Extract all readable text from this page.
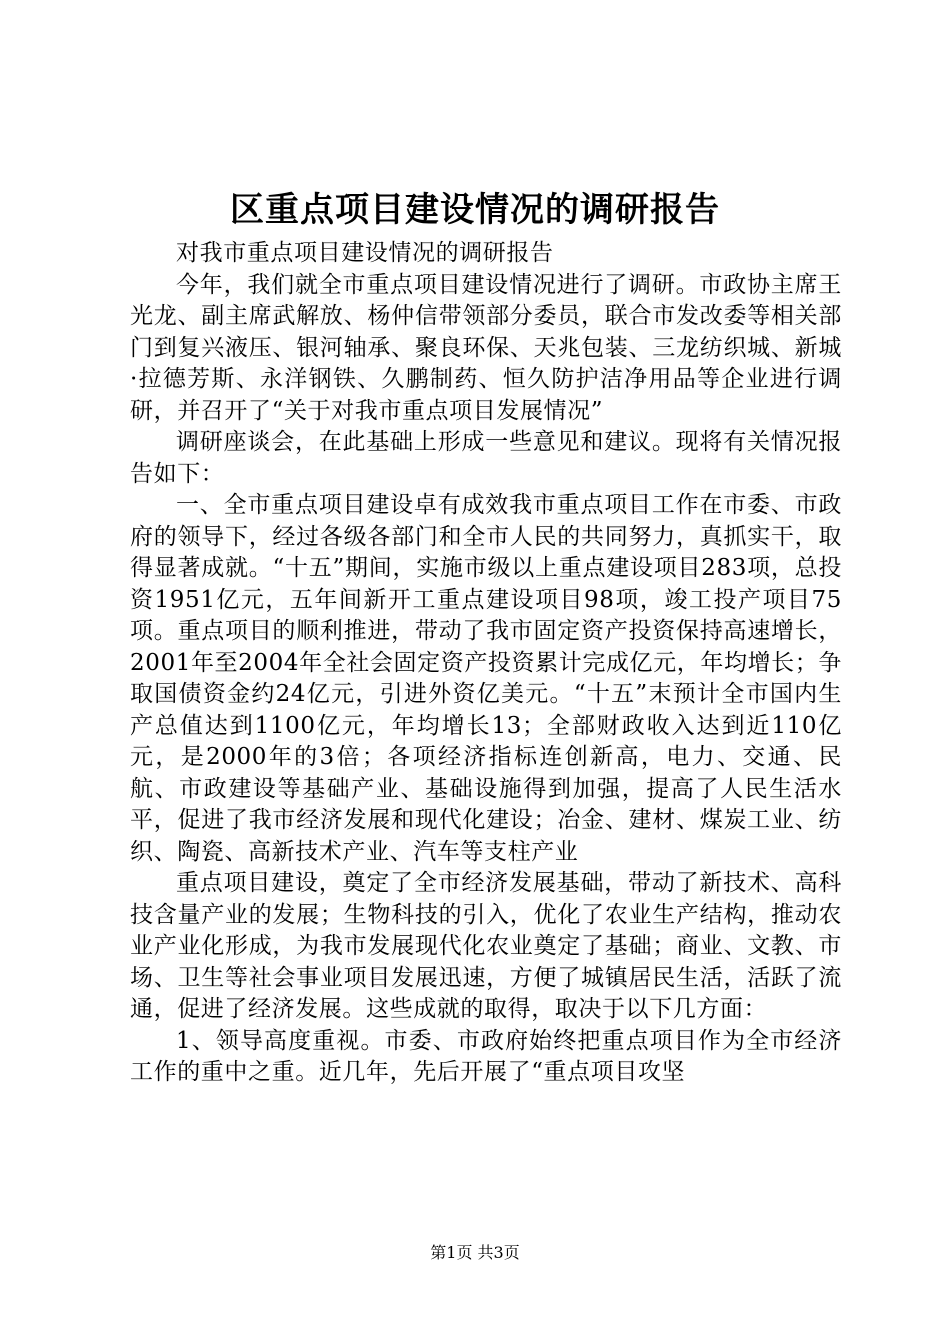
区重点项目建设情况的调研报告

对我市重点项目建设情况的调研报告

今年，我们就全市重点项目建设情况进行了调研。市政协主席王光龙、副主席武解放、杨仲信带领部分委员，联合市发改委等相关部门到复兴液压、银河轴承、聚良环保、天兆包装、三龙纺织城、新城·拉德芳斯、永洋钢铁、久鹏制药、恒久防护洁净用品等企业进行调研，并召开了“关于对我市重点项目发展情况”

调研座谈会，在此基础上形成一些意见和建议。现将有关情况报告如下：

一、全市重点项目建设卓有成效我市重点项目工作在市委、市政府的领导下，经过各级各部门和全市人民的共同努力，真抓实干，取得显著成就。“十五”期间，实施市级以上重点建设项目283项，总投资1951亿元，五年间新开工重点建设项目98项，竣工投产项目75项。重点项目的顺利推进，带动了我市固定资产投资保持高速增长，2001年至2004年全社会固定资产投资累计完成亿元，年均增长；争取国债资金约24亿元，引进外资亿美元。“十五”末预计全市国内生产总值达到1100亿元，年均增长13；全部财政收入达到近110亿元，是2000年的3倍；各项经济指标连创新高，电力、交通、民航、市政建设等基础产业、基础设施得到加强，提高了人民生活水平，促进了我市经济发展和现代化建设；冶金、建材、煤炭工业、纺织、陶瓷、高新技术产业、汽车等支柱产业

重点项目建设，奠定了全市经济发展基础，带动了新技术、高科技含量产业的发展；生物科技的引入，优化了农业生产结构，推动农业产业化形成，为我市发展现代化农业奠定了基础；商业、文教、市场、卫生等社会事业项目发展迅速，方便了城镇居民生活，活跃了流通，促进了经济发展。这些成就的取得，取决于以下几方面：

1、领导高度重视。市委、市政府始终把重点项目作为全市经济工作的重中之重。近几年，先后开展了“重点项目攻坚

第1页 共3页
